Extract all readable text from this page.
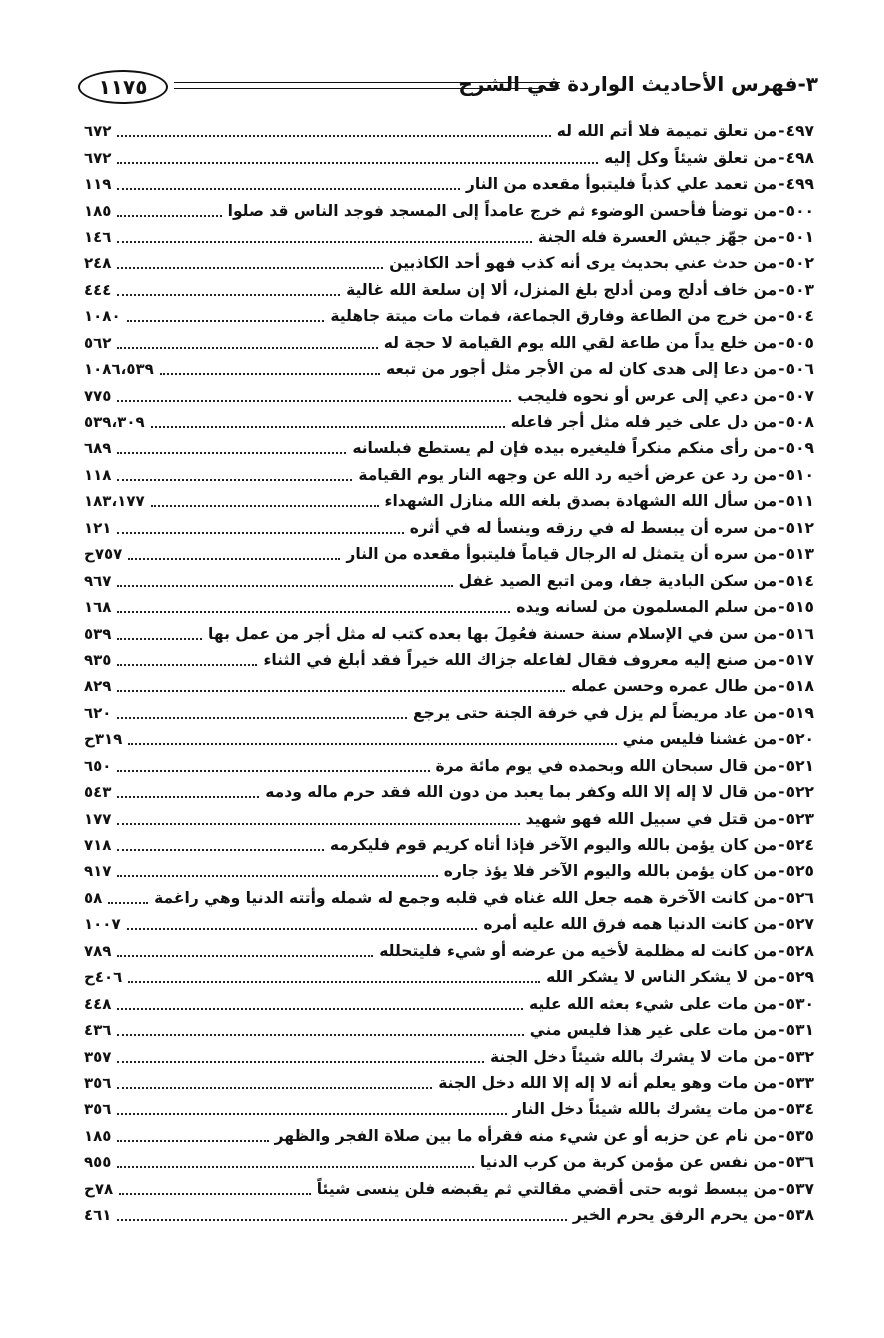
١١٧٥	٣-فهرس الأحاديث الواردة في الشرح
٤٩٧
-
من تعلق تميمة فلا أتم الله له
٦٧٢
٤٩٨
-
من تعلق شيئاً وكل إليه
٦٧٢
٤٩٩
-
من تعمد علي كذباً فليتبوأ مقعده من النار
١١٩
٥٠٠
-
من توضأ فأحسن الوضوء ثم خرج عامداً إلى المسجد فوجد الناس قد صلوا
١٨٥
٥٠١
-
من جهّز جيش العسرة فله الجنة
١٤٦
٥٠٢
-
من حدث عني بحديث يرى أنه كذب فهو أحد الكاذبين
٢٤٨
٥٠٣
-
من خاف أدلج ومن أدلج بلغ المنزل، ألا إن سلعة الله غالية
٤٤٤
٥٠٤
-
من خرج من الطاعة وفارق الجماعة، فمات مات ميتة جاهلية
١٠٨٠
٥٠٥
-
من خلع يداً من طاعة لقي الله يوم القيامة لا حجة له
٥٦٢
٥٠٦
-
من دعا إلى هدى كان له من الأجر مثل أجور من تبعه
١٠٨٦،٥٣٩
٥٠٧
-
من دعي إلى عرس أو نحوه فليجب
٧٧٥
٥٠٨
-
من دل على خير فله مثل أجر فاعله
٥٣٩،٣٠٩
٥٠٩
-
من رأى منكم منكراً فليغيره بيده فإن لم يستطع فبلسانه
٦٨٩
٥١٠
-
من رد عن عرض أخيه رد الله عن وجهه النار يوم القيامة
١١٨
٥١١
-
من سأل الله الشهادة بصدق بلغه الله منازل الشهداء
١٨٣،١٧٧
٥١٢
-
من سره أن يبسط له في رزقه وينسأ له في أثره
١٢١
٥١٣
-
من سره أن يتمثل له الرجال قياماً فليتبوأ مقعده من النار
٧٥٧ح
٥١٤
-
من سكن البادية جفا، ومن اتبع الصيد غفل
٩٦٧
٥١٥
-
من سلم المسلمون من لسانه ويده
١٦٨
٥١٦
-
من سن في الإسلام سنة حسنة فعُمِلَ بها بعده كتب له مثل أجر من عمل بها
٥٣٩
٥١٧
-
من صنع إليه معروف فقال لفاعله جزاك الله خيراً فقد أبلغ في الثناء
٩٣٥
٥١٨
-
من طال عمره وحسن عمله
٨٢٩
٥١٩
-
من عاد مريضاً لم يزل في خرفة الجنة حتى يرجع
٦٢٠
٥٢٠
-
من غشنا فليس مني
٣١٩ح
٥٢١
-
من قال سبحان الله وبحمده في يوم مائة مرة
٦٥٠
٥٢٢
-
من قال لا إله إلا الله وكفر بما يعبد من دون الله فقد حرم ماله ودمه
٥٤٣
٥٢٣
-
من قتل في سبيل الله فهو شهيد
١٧٧
٥٢٤
-
من كان يؤمن بالله واليوم الآخر فإذا أتاه كريم قوم فليكرمه
٧١٨
٥٢٥
-
من كان يؤمن بالله واليوم الآخر فلا يؤذ جاره
٩١٧
٥٢٦
-
من كانت الآخرة همه جعل الله غناه في قلبه وجمع له شمله وأتته الدنيا وهي راغمة
٥٨
٥٢٧
-
من كانت الدنيا همه فرق الله عليه أمره
١٠٠٧
٥٢٨
-
من كانت له مظلمة لأخيه من عرضه أو شيء فليتحلله
٧٨٩
٥٢٩
-
من لا يشكر الناس لا يشكر الله
٤٠٦ح
٥٣٠
-
من مات على شيء بعثه الله عليه
٤٤٨
٥٣١
-
من مات على غير هذا فليس مني
٤٣٦
٥٣٢
-
من مات لا يشرك بالله شيئاً دخل الجنة
٣٥٧
٥٣٣
-
من مات وهو يعلم أنه لا إله إلا الله دخل الجنة
٣٥٦
٥٣٤
-
من مات يشرك بالله شيئاً دخل النار
٣٥٦
٥٣٥
-
من نام عن حزبه أو عن شيء منه فقرأه ما بين صلاة الفجر والظهر
١٨٥
٥٣٦
-
من نفس عن مؤمن كربة من كرب الدنيا
٩٥٥
٥٣٧
-
من يبسط ثوبه حتى أقضي مقالتي ثم يقبضه فلن ينسى شيئاً
٧٨ح
٥٣٨
-
من يحرم الرفق يحرم الخير
٤٦١
